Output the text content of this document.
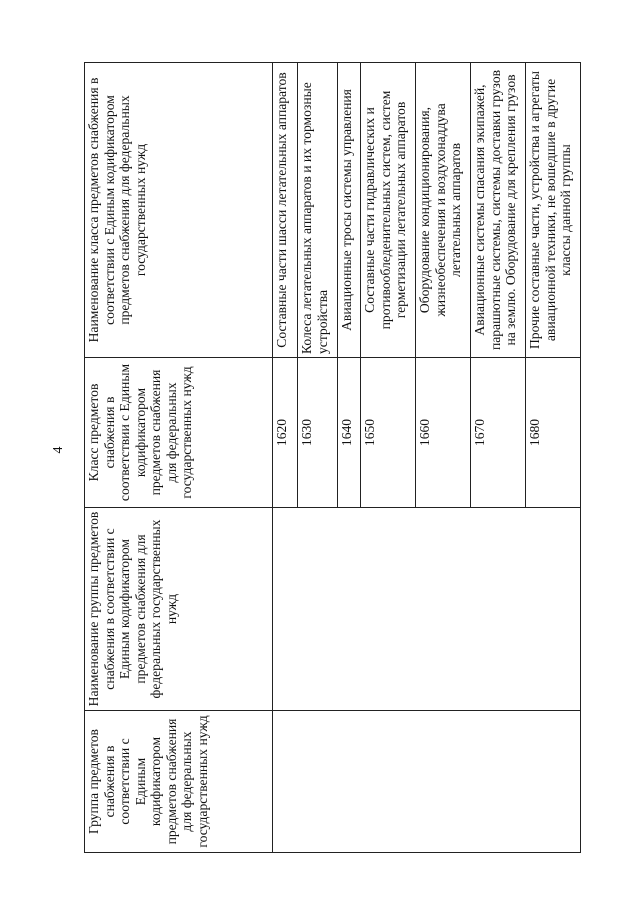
4
Группа предметов снабжения в соответствии с Единым кодификатором предметов снабжения для федеральных государственных нужд	Наименование группы предметов снабжения в соответствии с Единым кодификатором предметов снабжения для федеральных государственных нужд	Класс предметов снабжения в соответствии с Единым кодификатором предметов снабжения для федеральных государственных нужд	Наименование класса предметов снабжения в соответствии с Единым кодификатором предметов снабжения для федеральных государственных нужд
		1620	Составные части шасси летательных аппаратов
		1630	Колеса летательных аппаратов и их тормозные устройства
		1640	Авиационные тросы системы управления
		1650	Составные части гидравлических и противообледенительных систем, систем герметизации летательных аппаратов
		1660	Оборудование кондиционирования, жизнеобеспечения и воздухонаддува летательных аппаратов
		1670	Авиационные системы спасания экипажей, парашютные системы, системы доставки грузов на землю. Оборудование для крепления грузов
		1680	Прочие составные части, устройства и агрегаты авиационной техники, не вошедшие в другие классы данной группы
